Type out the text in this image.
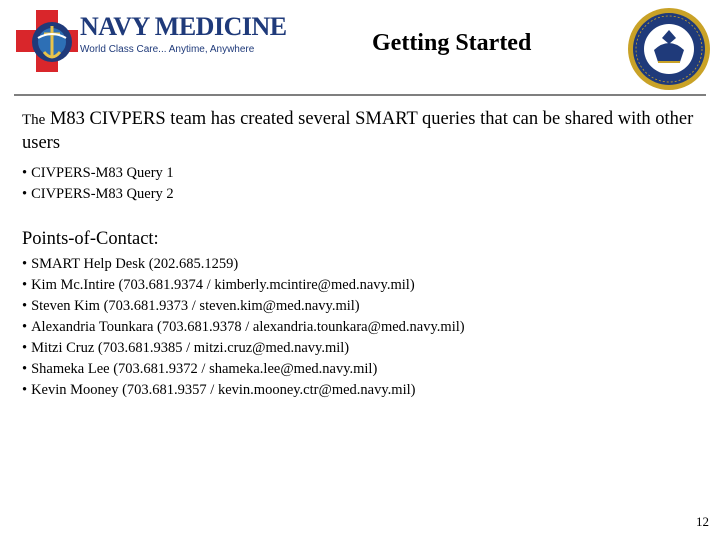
NAVY MEDICINE
World Class Care... Anytime, Anywhere	Getting Started

The M83 CIVPERS team has created several SMART queries that can be shared with other users

• CIVPERS-M83 Query 1
• CIVPERS-M83 Query 2
Points-of-Contact:
• SMART Help Desk (202.685.1259)
• Kim Mc.Intire (703.681.9374 / kimberly.mcintire@med.navy.mil)
• Steven Kim (703.681.9373 / steven.kim@med.navy.mil)
• Alexandria Tounkara (703.681.9378 / alexandria.tounkara@med.navy.mil)
• Mitzi Cruz (703.681.9385 / mitzi.cruz@med.navy.mil)
• Shameka Lee (703.681.9372 / shameka.lee@med.navy.mil)
• Kevin Mooney (703.681.9357 / kevin.mooney.ctr@med.navy.mil)
12
